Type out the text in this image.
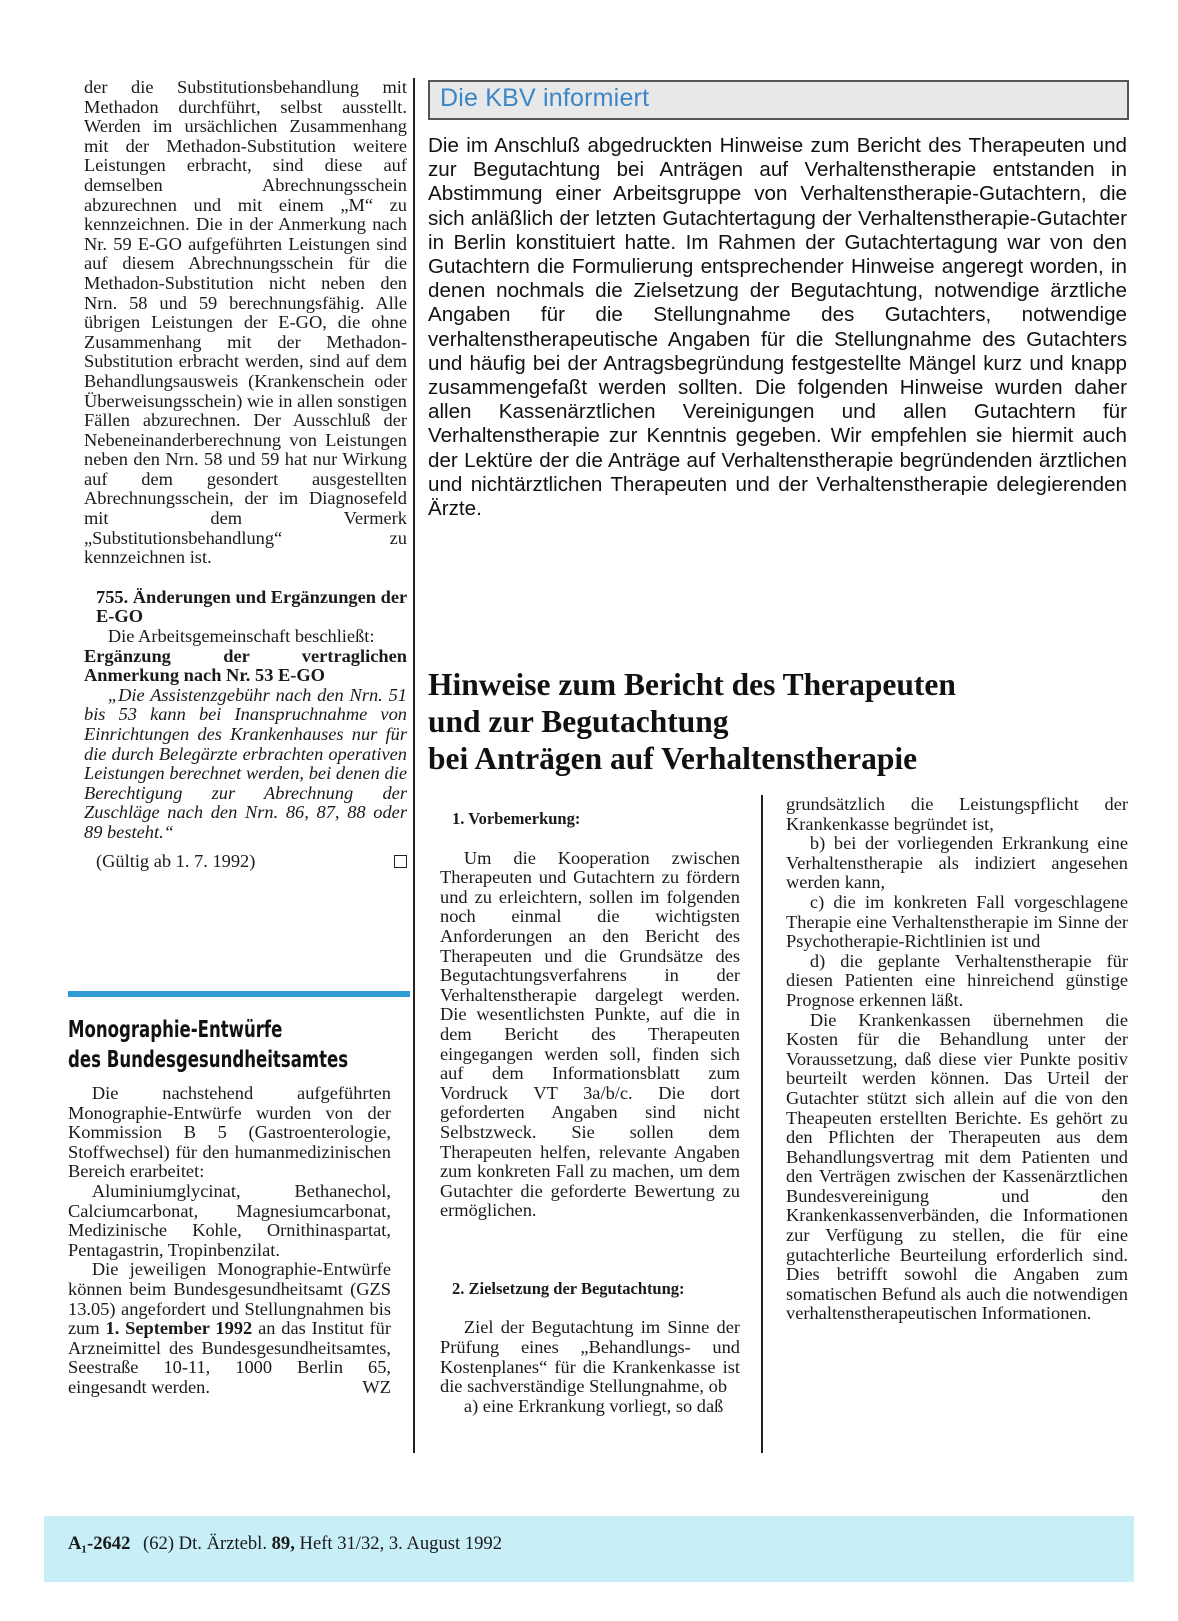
der die Substitutionsbehandlung mit Methadon durchführt, selbst ausstellt. Werden im ursächlichen Zusammenhang mit der Methadon-Substitution weitere Leistungen erbracht, sind diese auf demselben Abrechnungsschein abzurechnen und mit einem „M“ zu kennzeichnen. Die in der Anmerkung nach Nr. 59 E-GO aufgeführten Leistungen sind auf diesem Abrechnungsschein für die Methadon-Substitution nicht neben den Nrn. 58 und 59 berechnungsfähig. Alle übrigen Leistungen der E-GO, die ohne Zusammenhang mit der Methadon-Substitution erbracht werden, sind auf dem Behandlungsausweis (Krankenschein oder Überweisungsschein) wie in allen sonstigen Fällen abzurechnen. Der Ausschluß der Nebeneinanderberechnung von Leistungen neben den Nrn. 58 und 59 hat nur Wirkung auf dem gesondert ausgestellten Abrechnungsschein, der im Diagnosefeld mit dem Vermerk „Substitutionsbehandlung“ zu kennzeichnen ist.

755. Änderungen und Ergänzungen der E-GO

Die Arbeitsgemeinschaft beschließt:

Ergänzung der vertraglichen Anmerkung nach Nr. 53 E-GO

„Die Assistenzgebühr nach den Nrn. 51 bis 53 kann bei Inanspruchnahme von Einrichtungen des Krankenhauses nur für die durch Belegärzte erbrachten operativen Leistungen berechnet werden, bei denen die Berechtigung zur Abrechnung der Zuschläge nach den Nrn. 86, 87, 88 oder 89 besteht.“

(Gültig ab 1. 7. 1992)

Monographie-Entwürfe
des Bundesgesundheitsamtes

Die nachstehend aufgeführten Monographie-Entwürfe wurden von der Kommission B 5 (Gastroenterologie, Stoffwechsel) für den humanmedizinischen Bereich erarbeitet:

Aluminiumglycinat, Bethanechol, Calciumcarbonat, Magnesiumcarbonat, Medizinische Kohle, Ornithinaspartat, Pentagastrin, Tropinbenzilat.

Die jeweiligen Monographie-Entwürfe können beim Bundesgesundheitsamt (GZS 13.05) angefordert und Stellungnahmen bis zum 1. September 1992 an das Institut für Arzneimittel des Bundesgesundheitsamtes, Seestraße 10-11, 1000 Berlin 65, eingesandt werden.	WZ

Die KBV informiert
Die im Anschluß abgedruckten Hinweise zum Bericht des Therapeuten und zur Begutachtung bei Anträgen auf Verhaltenstherapie entstanden in Abstimmung einer Arbeitsgruppe von Verhaltenstherapie-Gutachtern, die sich anläßlich der letzten Gutachtertagung der Verhaltenstherapie-Gutachter in Berlin konstituiert hatte. Im Rahmen der Gutachtertagung war von den Gutachtern die Formulierung entsprechender Hinweise angeregt worden, in denen nochmals die Zielsetzung der Begutachtung, notwendige ärztliche Angaben für die Stellungnahme des Gutachters, notwendige verhaltenstherapeutische Angaben für die Stellungnahme des Gutachters und häufig bei der Antragsbegründung festgestellte Mängel kurz und knapp zusammengefaßt werden sollten. Die folgenden Hinweise wurden daher allen Kassenärztlichen Vereinigungen und allen Gutachtern für Verhaltenstherapie zur Kenntnis gegeben. Wir empfehlen sie hiermit auch der Lektüre der die Anträge auf Verhaltenstherapie begründenden ärztlichen und nichtärztlichen Therapeuten und der Verhaltenstherapie delegierenden Ärzte.
Hinweise zum Bericht des Therapeuten
und zur Begutachtung
bei Anträgen auf Verhaltenstherapie

1. Vorbemerkung:

Um die Kooperation zwischen Therapeuten und Gutachtern zu fördern und zu erleichtern, sollen im folgenden noch einmal die wichtigsten Anforderungen an den Bericht des Therapeuten und die Grundsätze des Begutachtungsverfahrens in der Verhaltenstherapie dargelegt werden. Die wesentlichsten Punkte, auf die in dem Bericht des Therapeuten eingegangen werden soll, finden sich auf dem Informationsblatt zum Vordruck VT 3a/b/c. Die dort geforderten Angaben sind nicht Selbstzweck. Sie sollen dem Therapeuten helfen, relevante Angaben zum konkreten Fall zu machen, um dem Gutachter die geforderte Bewertung zu ermöglichen.

2. Zielsetzung der Begutachtung:

Ziel der Begutachtung im Sinne der Prüfung eines „Behandlungs- und Kostenplanes“ für die Krankenkasse ist die sachverständige Stellungnahme, ob

a) eine Erkrankung vorliegt, so daß

grundsätzlich die Leistungspflicht der Krankenkasse begründet ist,

b) bei der vorliegenden Erkrankung eine Verhaltenstherapie als indiziert angesehen werden kann,

c) die im konkreten Fall vorgeschlagene Therapie eine Verhaltenstherapie im Sinne der Psychotherapie-Richtlinien ist und

d) die geplante Verhaltenstherapie für diesen Patienten eine hinreichend günstige Prognose erkennen läßt.

Die Krankenkassen übernehmen die Kosten für die Behandlung unter der Voraussetzung, daß diese vier Punkte positiv beurteilt werden können. Das Urteil der Gutachter stützt sich allein auf die von den Theapeuten erstellten Berichte. Es gehört zu den Pflichten der Therapeuten aus dem Behandlungsvertrag mit dem Patienten und den Verträgen zwischen der Kassenärztlichen Bundesvereinigung und den Krankenkassenverbänden, die Informationen zur Verfügung zu stellen, die für eine gutachterliche Beurteilung erforderlich sind. Dies betrifft sowohl die Angaben zum somatischen Befund als auch die notwendigen verhaltenstherapeutischen Informationen.

A₁-2642 (62) Dt. Ärztebl. 89, Heft 31/32, 3. August 1992
